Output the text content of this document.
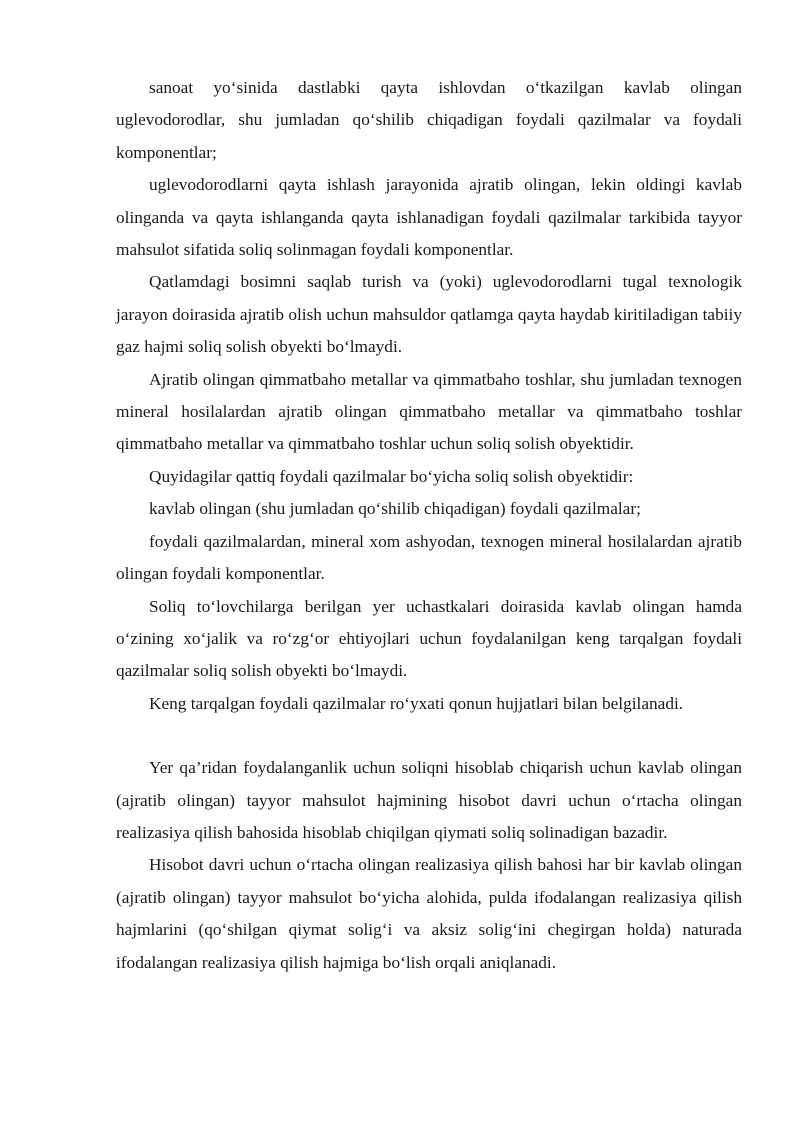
sanoat yo‘sinida dastlabki qayta ishlovdan o‘tkazilgan kavlab olingan uglevodorodlar, shu jumladan qo‘shilib chiqadigan foydali qazilmalar va foydali komponentlar;

uglevodorodlarni qayta ishlash jarayonida ajratib olingan, lekin oldingi kavlab olinganda va qayta ishlanganda qayta ishlanadigan foydali qazilmalar tarkibida tayyor mahsulot sifatida soliq solinmagan foydali komponentlar.

Qatlamdagi bosimni saqlab turish va (yoki) uglevodorodlarni tugal texnologik jarayon doirasida ajratib olish uchun mahsuldor qatlamga qayta haydab kiritiladigan tabiiy gaz hajmi soliq solish obyekti bo‘lmaydi.

Ajratib olingan qimmatbaho metallar va qimmatbaho toshlar, shu jumladan texnogen mineral hosilalardan ajratib olingan qimmatbaho metallar va qimmatbaho toshlar qimmatbaho metallar va qimmatbaho toshlar uchun soliq solish obyektidir.

Quyidagilar qattiq foydali qazilmalar bo‘yicha soliq solish obyektidir:

kavlab olingan (shu jumladan qo‘shilib chiqadigan) foydali qazilmalar;

foydali qazilmalardan, mineral xom ashyodan, texnogen mineral hosilalardan ajratib olingan foydali komponentlar.

Soliq to‘lovchilarga berilgan yer uchastkalari doirasida kavlab olingan hamda o‘zining xo‘jalik va ro‘zg‘or ehtiyojlari uchun foydalanilgan keng tarqalgan foydali qazilmalar soliq solish obyekti bo‘lmaydi.

Keng tarqalgan foydali qazilmalar ro‘yxati qonun hujjatlari bilan belgilanadi.

Yer qa’ridan foydalanganlik uchun soliqni hisoblab chiqarish uchun kavlab olingan (ajratib olingan) tayyor mahsulot hajmining hisobot davri uchun o‘rtacha olingan realizasiya qilish bahosida hisoblab chiqilgan qiymati soliq solinadigan bazadir.

Hisobot davri uchun o‘rtacha olingan realizasiya qilish bahosi har bir kavlab olingan (ajratib olingan) tayyor mahsulot bo‘yicha alohida, pulda ifodalangan realizasiya qilish hajmlarini (qo‘shilgan qiymat solig‘i va aksiz solig‘ini chegirgan holda) naturada ifodalangan realizasiya qilish hajmiga bo‘lish orqali aniqlanadi.
